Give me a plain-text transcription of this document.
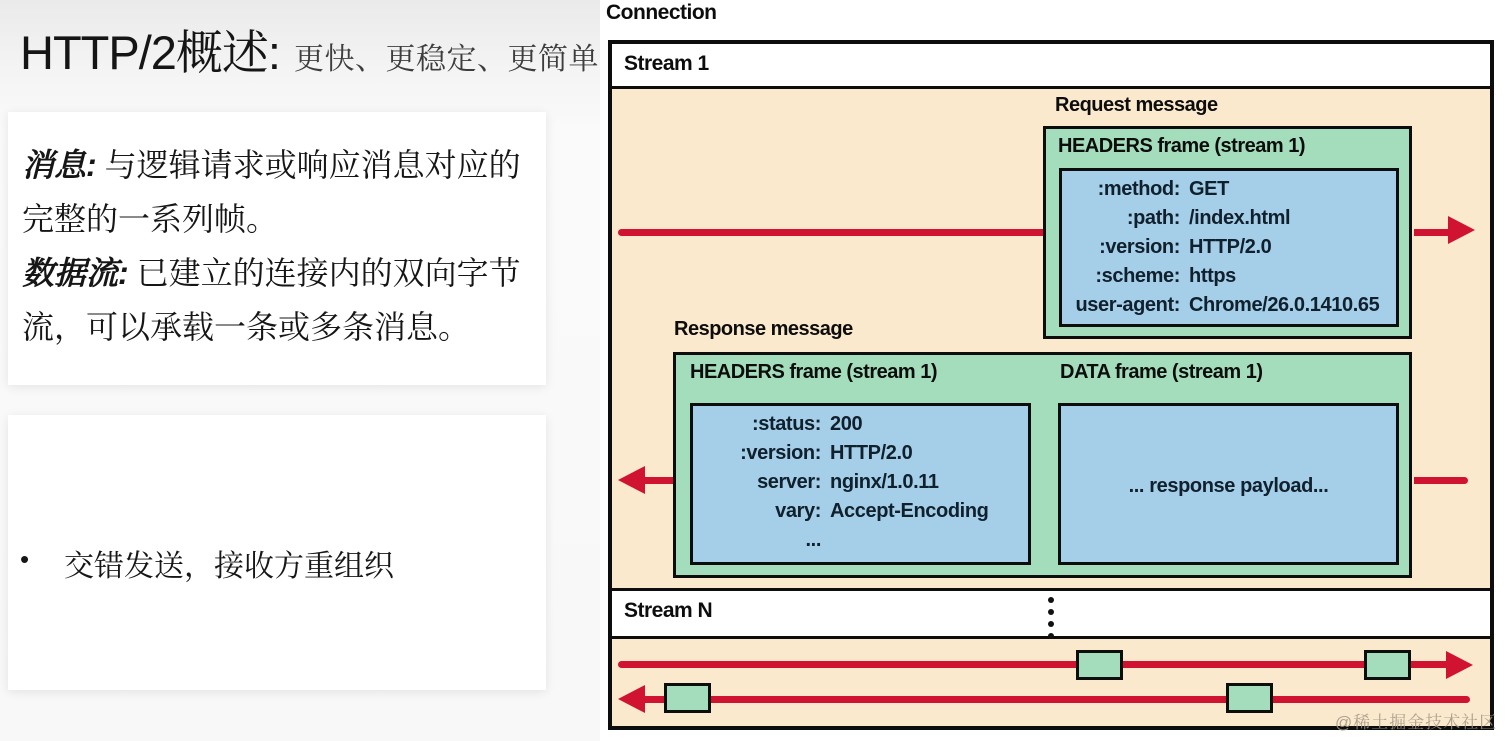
HTTP/2概述: 更快、更稳定、更简单

消息: 与逻辑请求或响应消息对应的完整的一系列帧。

数据流: 已建立的连接内的双向字节流，可以承载一条或多条消息。

•	交错发送，接收方重组织
Connection
Stream 1
Request message
HEADERS frame (stream 1)
:method: GET
:path: /index.html
:version: HTTP/2.0
:scheme: https
user-agent: Chrome/26.0.1410.65
Response message
HEADERS frame (stream 1)	DATA frame (stream 1)
:status: 200
:version: HTTP/2.0
server: nginx/1.0.11
vary: Accept-Encoding
...
... response payload...
Stream N
@稀土掘金技术社区
